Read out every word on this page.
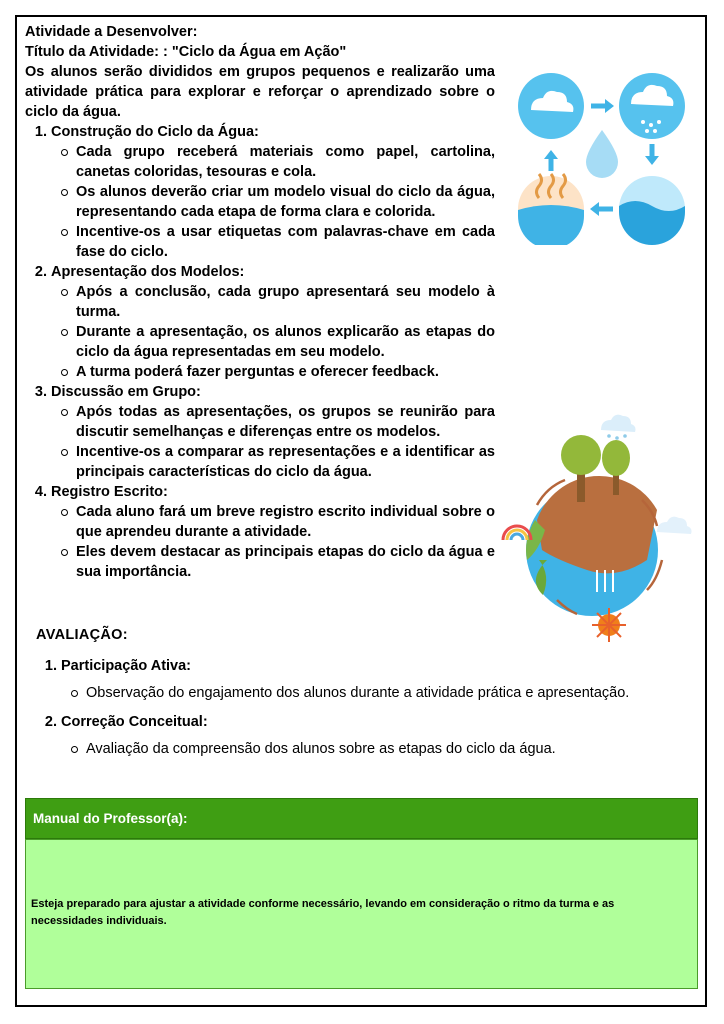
Atividade a Desenvolver:

Título da Atividade: : "Ciclo da Água em Ação"

Os alunos serão divididos em grupos pequenos e realizarão uma atividade prática para explorar e reforçar o aprendizado sobre o ciclo da água.

1. Construção do Ciclo da Água:
Cada grupo receberá materiais como papel, cartolina, canetas coloridas, tesouras e cola.
Os alunos deverão criar um modelo visual do ciclo da água, representando cada etapa de forma clara e colorida.
Incentive-os a usar etiquetas com palavras-chave em cada fase do ciclo.
2. Apresentação dos Modelos:
Após a conclusão, cada grupo apresentará seu modelo à turma.
Durante a apresentação, os alunos explicarão as etapas do ciclo da água representadas em seu modelo.
A turma poderá fazer perguntas e oferecer feedback.
3. Discussão em Grupo:
Após todas as apresentações, os grupos se reunirão para discutir semelhanças e diferenças entre os modelos.
Incentive-os a comparar as representações e a identificar as principais características do ciclo da água.
4. Registro Escrito:
Cada aluno fará um breve registro escrito individual sobre o que aprendeu durante a atividade.
Eles devem destacar as principais etapas do ciclo da água e sua importância.

AVALIAÇÃO:

1. Participação Ativa:
Observação do engajamento dos alunos durante a atividade prática e apresentação.
2. Correção Conceitual:
Avaliação da compreensão dos alunos sobre as etapas do ciclo da água.
Manual do Professor(a):
Esteja preparado para ajustar a atividade conforme necessário, levando em consideração o ritmo da turma e as necessidades individuais.
